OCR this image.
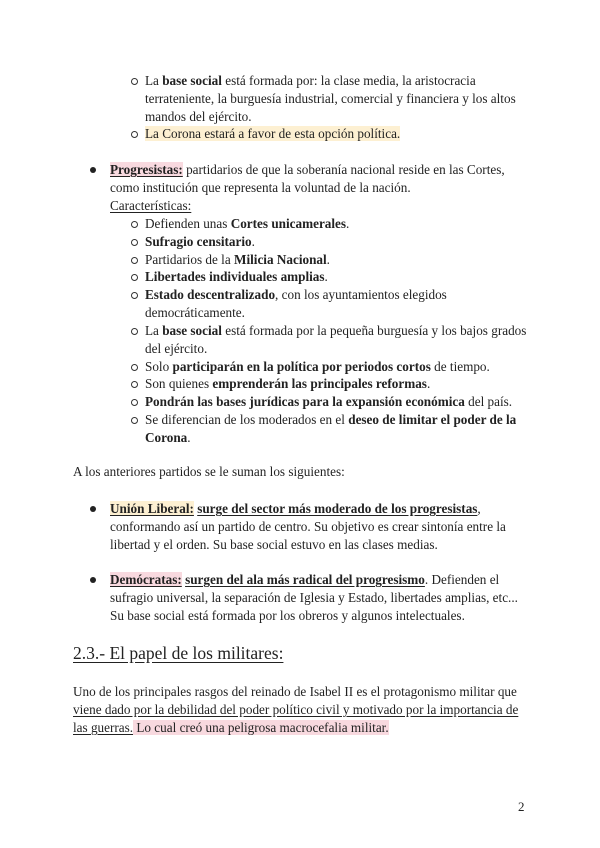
La base social está formada por: la clase media, la aristocracia terrateniente, la burguesía industrial, comercial y financiera y los altos mandos del ejército.
La Corona estará a favor de esta opción política.
Progresistas: partidarios de que la soberanía nacional reside en las Cortes, como institución que representa la voluntad de la nación.
Características:
Defienden unas Cortes unicamerales.
Sufragio censitario.
Partidarios de la Milicia Nacional.
Libertades individuales amplias.
Estado descentralizado, con los ayuntamientos elegidos democráticamente.
La base social está formada por la pequeña burguesía y los bajos grados del ejército.
Solo participarán en la política por periodos cortos de tiempo.
Son quienes emprenderán las principales reformas.
Pondrán las bases jurídicas para la expansión económica del país.
Se diferencian de los moderados en el deseo de limitar el poder de la Corona.
A los anteriores partidos se le suman los siguientes:
Unión Liberal: surge del sector más moderado de los progresistas, conformando así un partido de centro. Su objetivo es crear sintonía entre la libertad y el orden. Su base social estuvo en las clases medias.
Demócratas: surgen del ala más radical del progresismo. Defienden el sufragio universal, la separación de Iglesia y Estado, libertades amplias, etc... Su base social está formada por los obreros y algunos intelectuales.
2.3.- El papel de los militares:
Uno de los principales rasgos del reinado de Isabel II es el protagonismo militar que viene dado por la debilidad del poder político civil y motivado por la importancia de las guerras. Lo cual creó una peligrosa macrocefalia militar.
2
